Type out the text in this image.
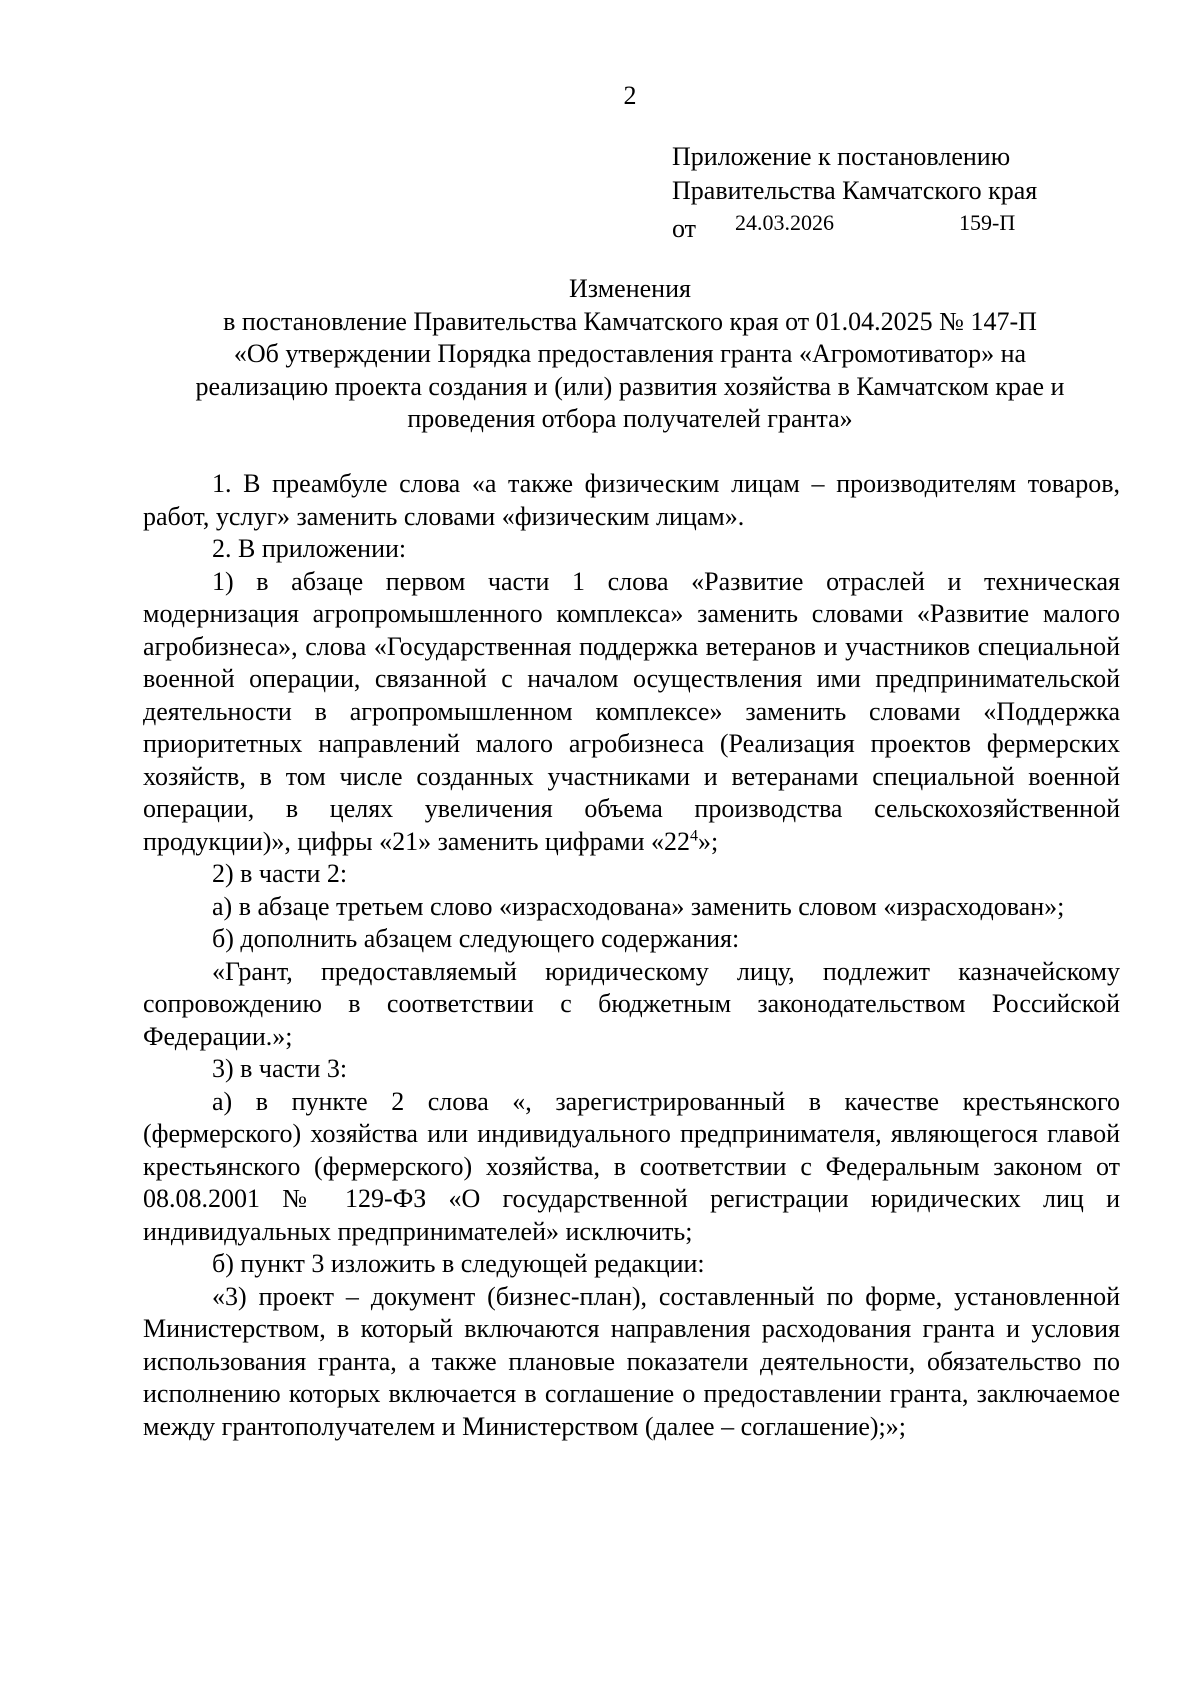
2
Приложение к постановлению
Правительства Камчатского края
от 24.03.2026	159-П
Изменения
в постановление Правительства Камчатского края от 01.04.2025 № 147-П
«Об утверждении Порядка предоставления гранта «Агромотиватор» на
реализацию проекта создания и (или) развития хозяйства в Камчатском крае и
проведения отбора получателей гранта»

1. В преамбуле слова «а также физическим лицам – производителям товаров, работ, услуг» заменить словами «физическим лицам».

2. В приложении:

1) в абзаце первом части 1 слова «Развитие отраслей и техническая модернизация агропромышленного комплекса» заменить словами «Развитие малого агробизнеса», слова «Государственная поддержка ветеранов и участников специальной военной операции, связанной с началом осуществления ими предпринимательской деятельности в агропромышленном комплексе» заменить словами «Поддержка приоритетных направлений малого агробизнеса (Реализация проектов фермерских хозяйств, в том числе созданных участниками и ветеранами специальной военной операции, в целях увеличения объема производства сельскохозяйственной продукции)», цифры «21» заменить цифрами «$22^4$»;

2) в части 2:

а) в абзаце третьем слово «израсходована» заменить словом «израсходован»;

б) дополнить абзацем следующего содержания:

«Грант, предоставляемый юридическому лицу, подлежит казначейскому сопровождению в соответствии с бюджетным законодательством Российской Федерации.»;

3) в части 3:

а) в пункте 2 слова «, зарегистрированный в качестве крестьянского (фермерского) хозяйства или индивидуального предпринимателя, являющегося главой крестьянского (фермерского) хозяйства, в соответствии с Федеральным законом от 08.08.2001 № 129-ФЗ «О государственной регистрации юридических лиц и индивидуальных предпринимателей» исключить;

б) пункт 3 изложить в следующей редакции:

«3) проект – документ (бизнес-план), составленный по форме, установленной Министерством, в который включаются направления расходования гранта и условия использования гранта, а также плановые показатели деятельности, обязательство по исполнению которых включается в соглашение о предоставлении гранта, заключаемое между грантополучателем и Министерством (далее – соглашение);»;
